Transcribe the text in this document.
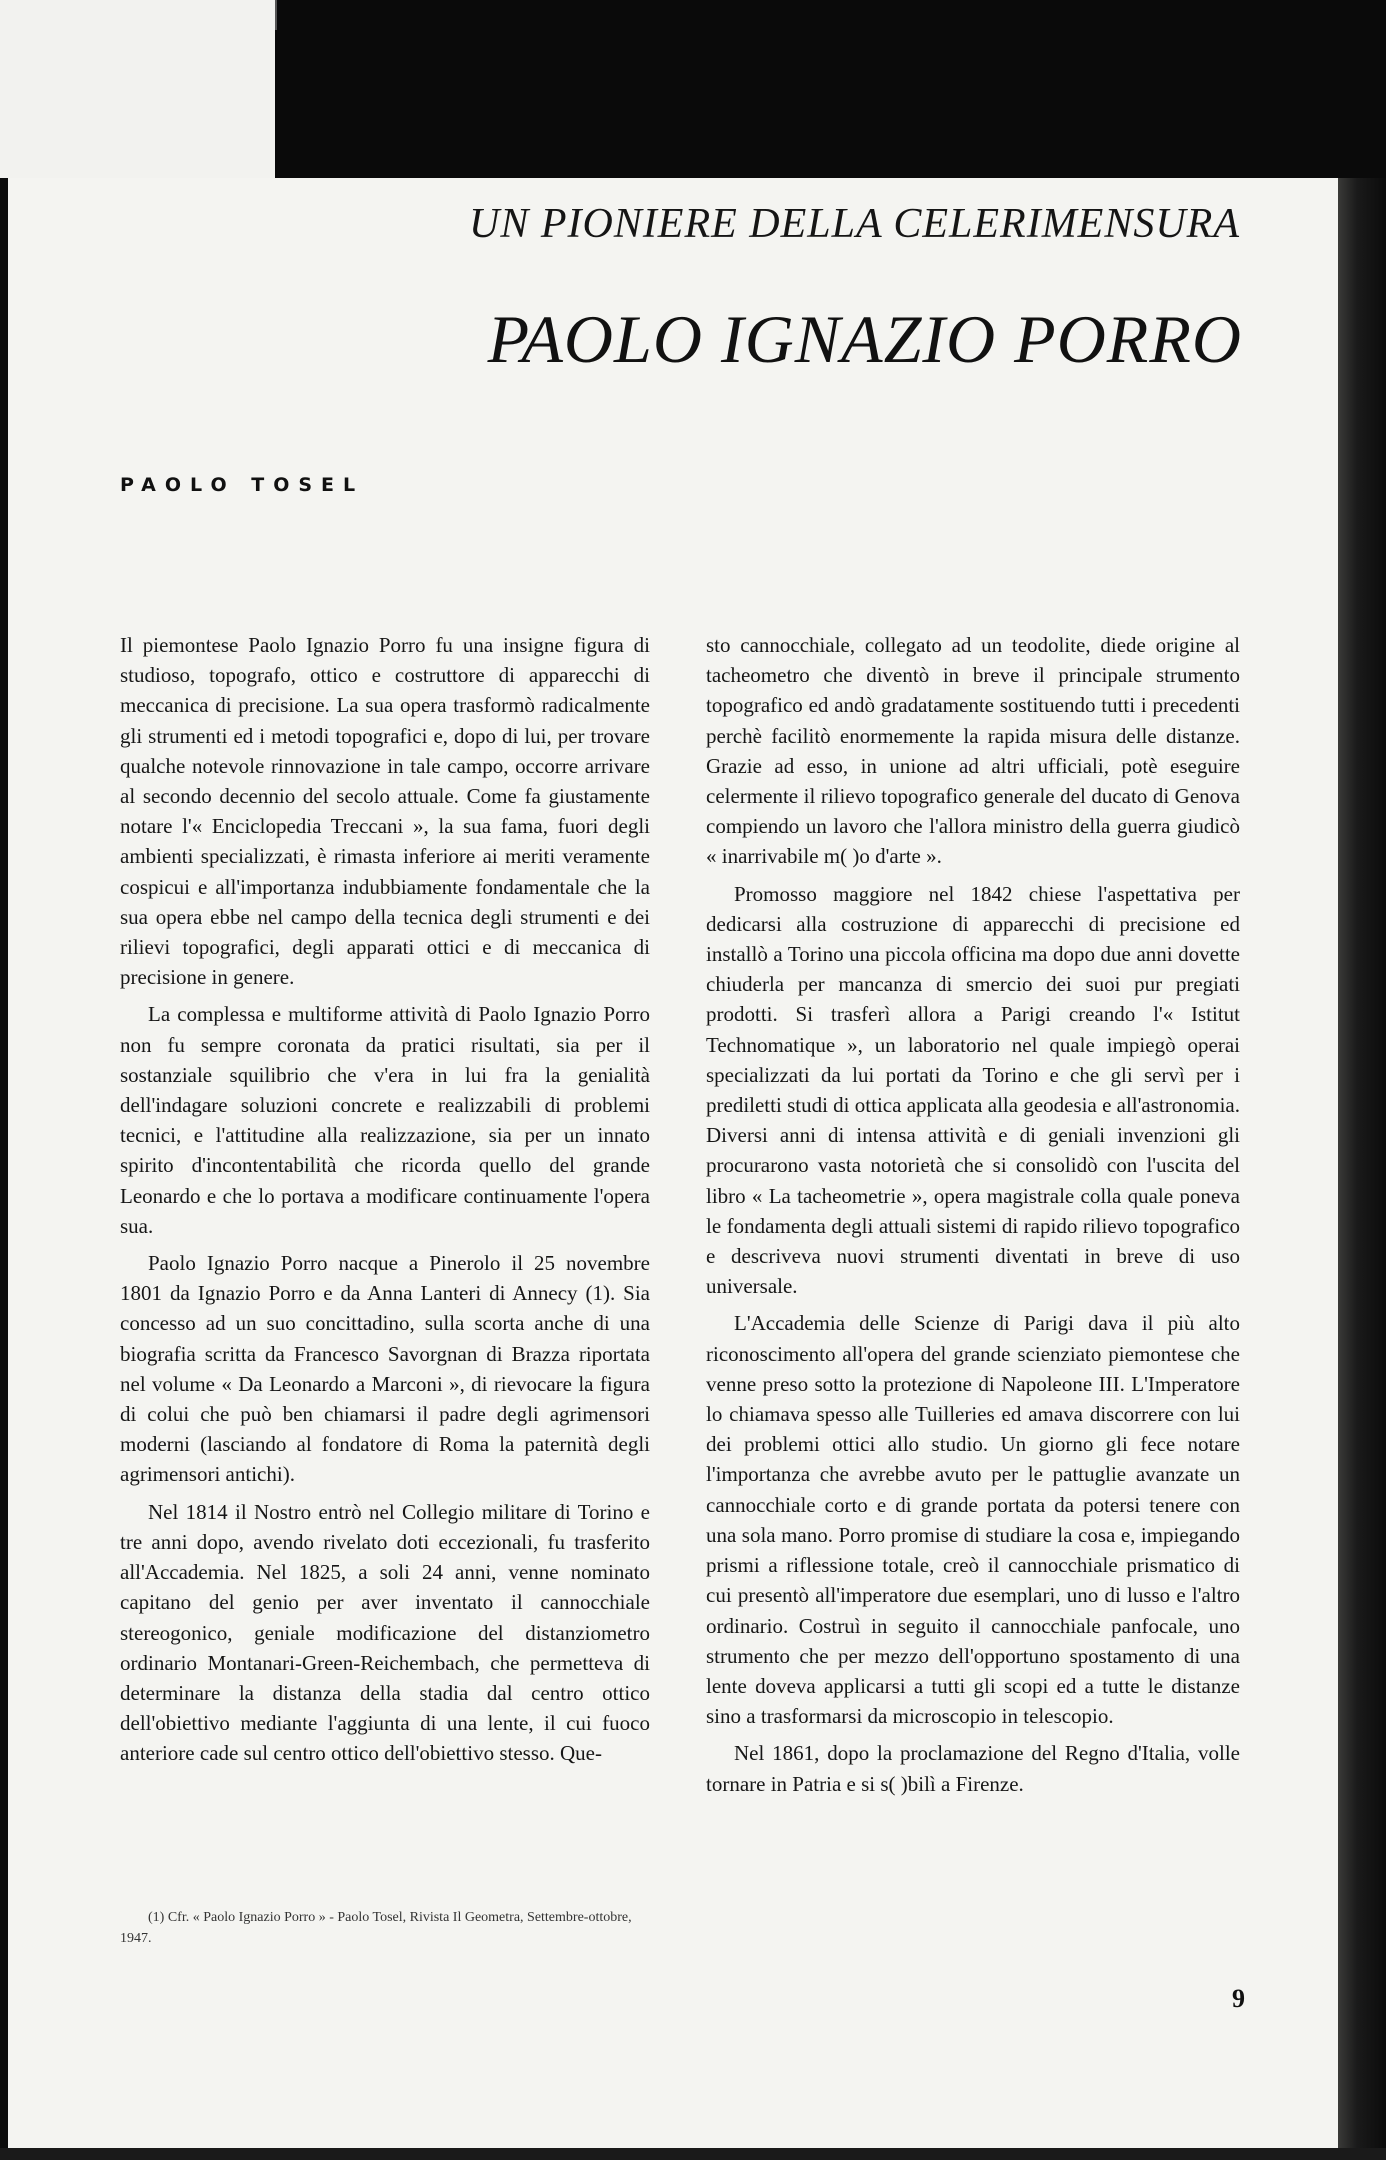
UN PIONIERE DELLA CELERIMENSURA
PAOLO IGNAZIO PORRO
PAOLO TOSEL

Il piemontese Paolo Ignazio Porro fu una insigne figura di studioso, topografo, ottico e costruttore di apparecchi di meccanica di precisione. La sua opera trasformò radicalmente gli strumenti ed i metodi topografici e, dopo di lui, per trovare qualche notevole rinnovazione in tale campo, occorre arrivare al secondo decennio del secolo attuale. Come fa giustamente notare l'« Enciclopedia Treccani », la sua fama, fuori degli ambienti specializzati, è rimasta inferiore ai meriti veramente cospicui e all'importanza indubbiamente fondamentale che la sua opera ebbe nel campo della tecnica degli strumenti e dei rilievi topografici, degli apparati ottici e di meccanica di precisione in genere.

La complessa e multiforme attività di Paolo Ignazio Porro non fu sempre coronata da pratici risultati, sia per il sostanziale squilibrio che v'era in lui fra la genialità dell'indagare soluzioni concrete e realizzabili di problemi tecnici, e l'attitudine alla realizzazione, sia per un innato spirito d'incontentabilità che ricorda quello del grande Leonardo e che lo portava a modificare continuamente l'opera sua.

Paolo Ignazio Porro nacque a Pinerolo il 25 novembre 1801 da Ignazio Porro e da Anna Lanteri di Annecy (1). Sia concesso ad un suo concittadino, sulla scorta anche di una biografia scritta da Francesco Savorgnan di Brazza riportata nel volume « Da Leonardo a Marconi », di rievocare la figura di colui che può ben chiamarsi il padre degli agrimensori moderni (lasciando al fondatore di Roma la paternità degli agrimensori antichi).

Nel 1814 il Nostro entrò nel Collegio militare di Torino e tre anni dopo, avendo rivelato doti eccezionali, fu trasferito all'Accademia. Nel 1825, a soli 24 anni, venne nominato capitano del genio per aver inventato il cannocchiale stereogonico, geniale modificazione del distanziometro ordinario Montanari-Green-Reichembach, che permetteva di determinare la distanza della stadia dal centro ottico dell'obiettivo mediante l'aggiunta di una lente, il cui fuoco anteriore cade sul centro ottico dell'obiettivo stesso. Que-

(1) Cfr. « Paolo Ignazio Porro » - Paolo Tosel, Rivista Il Geometra, Settembre-ottobre, 1947.

sto cannocchiale, collegato ad un teodolite, diede origine al tacheometro che diventò in breve il principale strumento topografico ed andò gradatamente sostituendo tutti i precedenti perchè facilitò enormemente la rapida misura delle distanze. Grazie ad esso, in unione ad altri ufficiali, potè eseguire celermente il rilievo topografico generale del ducato di Genova compiendo un lavoro che l'allora ministro della guerra giudicò « inarrivabile m( )o d'arte ».

Promosso maggiore nel 1842 chiese l'aspettativa per dedicarsi alla costruzione di apparecchi di precisione ed installò a Torino una piccola officina ma dopo due anni dovette chiuderla per mancanza di smercio dei suoi pur pregiati prodotti. Si trasferì allora a Parigi creando l'« Istitut Technomatique », un laboratorio nel quale impiegò operai specializzati da lui portati da Torino e che gli servì per i prediletti studi di ottica applicata alla geodesia e all'astronomia. Diversi anni di intensa attività e di geniali invenzioni gli procurarono vasta notorietà che si consolidò con l'uscita del libro « La tacheometrie », opera magistrale colla quale poneva le fondamenta degli attuali sistemi di rapido rilievo topografico e descriveva nuovi strumenti diventati in breve di uso universale.

L'Accademia delle Scienze di Parigi dava il più alto riconoscimento all'opera del grande scienziato piemontese che venne preso sotto la protezione di Napoleone III. L'Imperatore lo chiamava spesso alle Tuilleries ed amava discorrere con lui dei problemi ottici allo studio. Un giorno gli fece notare l'importanza che avrebbe avuto per le pattuglie avanzate un cannocchiale corto e di grande portata da potersi tenere con una sola mano. Porro promise di studiare la cosa e, impiegando prismi a riflessione totale, creò il cannocchiale prismatico di cui presentò all'imperatore due esemplari, uno di lusso e l'altro ordinario. Costruì in seguito il cannocchiale panfocale, uno strumento che per mezzo dell'opportuno spostamento di una lente doveva applicarsi a tutti gli scopi ed a tutte le distanze sino a trasformarsi da microscopio in telescopio.

Nel 1861, dopo la proclamazione del Regno d'Italia, volle tornare in Patria e si s( )bilì a Firenze.

9
